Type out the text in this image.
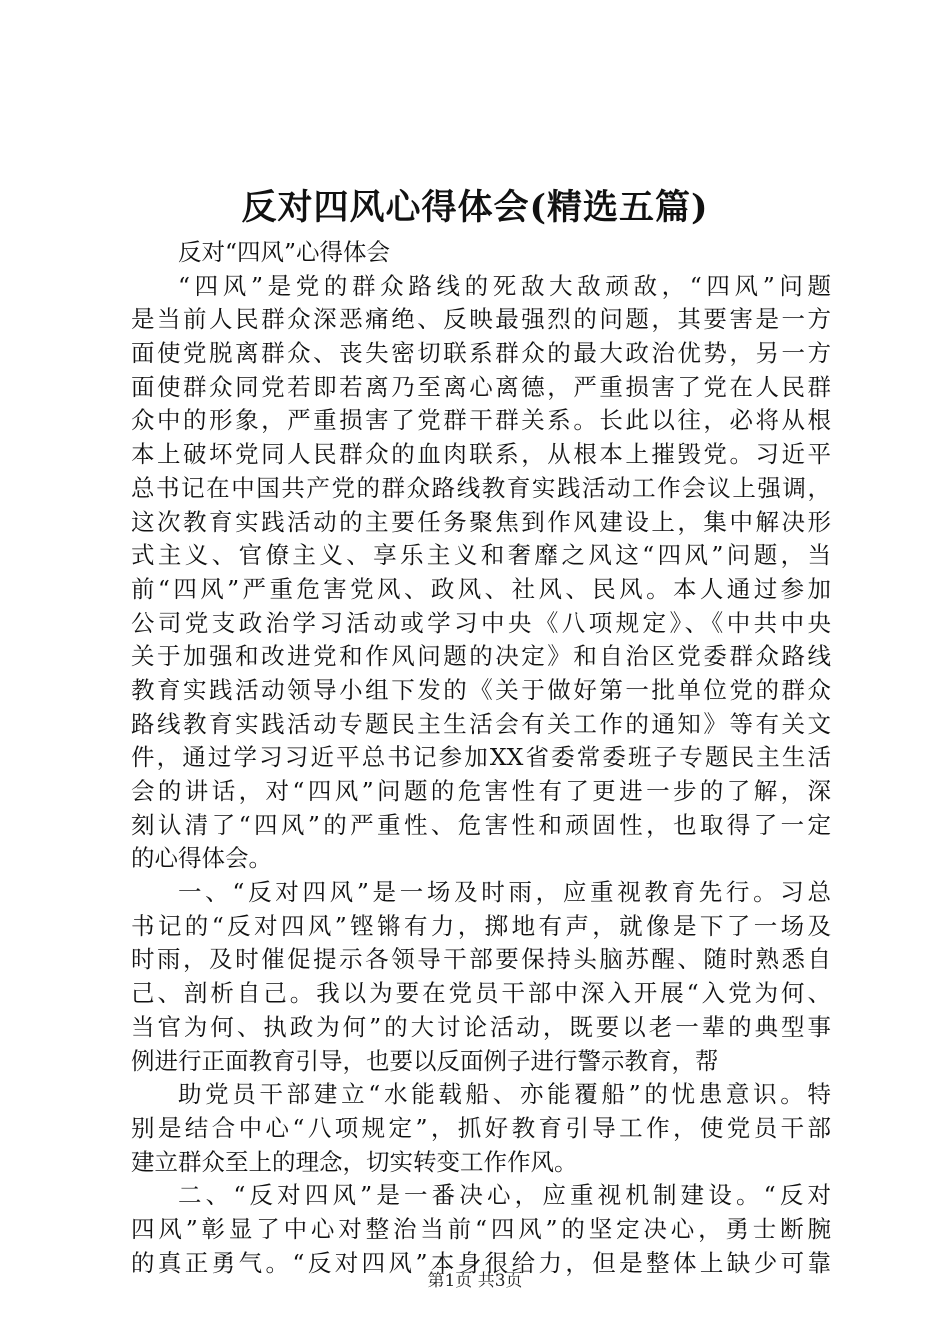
反对四风心得体会(精选五篇)
反对“四风”心得体会
“四风”是党的群众路线的死敌大敌顽敌，“四风”问题
是当前人民群众深恶痛绝、反映最强烈的问题，其要害是一方
面使党脱离群众、丧失密切联系群众的最大政治优势，另一方
面使群众同党若即若离乃至离心离德，严重损害了党在人民群
众中的形象，严重损害了党群干群关系。长此以往，必将从根
本上破坏党同人民群众的血肉联系，从根本上摧毁党。习近平
总书记在中国共产党的群众路线教育实践活动工作会议上强调，
这次教育实践活动的主要任务聚焦到作风建设上，集中解决形
式主义、官僚主义、享乐主义和奢靡之风这“四风”问题，当
前“四风”严重危害党风、政风、社风、民风。本人通过参加
公司党支政治学习活动或学习中央《八项规定》、《中共中央
关于加强和改进党和作风问题的决定》和自治区党委群众路线
教育实践活动领导小组下发的《关于做好第一批单位党的群众
路线教育实践活动专题民主生活会有关工作的通知》等有关文
件，通过学习习近平总书记参加XX省委常委班子专题民主生活
会的讲话，对“四风”问题的危害性有了更进一步的了解，深
刻认清了“四风”的严重性、危害性和顽固性，也取得了一定
的心得体会。
一、“反对四风”是一场及时雨，应重视教育先行。习总
书记的“反对四风”铿锵有力，掷地有声，就像是下了一场及
时雨，及时催促提示各领导干部要保持头脑苏醒、随时熟悉自
己、剖析自己。我以为要在党员干部中深入开展“入党为何、
当官为何、执政为何”的大讨论活动，既要以老一辈的典型事
例进行正面教育引导，也要以反面例子进行警示教育，帮
助党员干部建立“水能载船、亦能覆船”的忧患意识。特
别是结合中心“八项规定”，抓好教育引导工作，使党员干部
建立群众至上的理念，切实转变工作作风。
二、“反对四风”是一番决心，应重视机制建设。“反对
四风”彰显了中心对整治当前“四风”的坚定决心，勇士断腕
的真正勇气。“反对四风”本身很给力，但是整体上缺少可靠
第1页 共3页
